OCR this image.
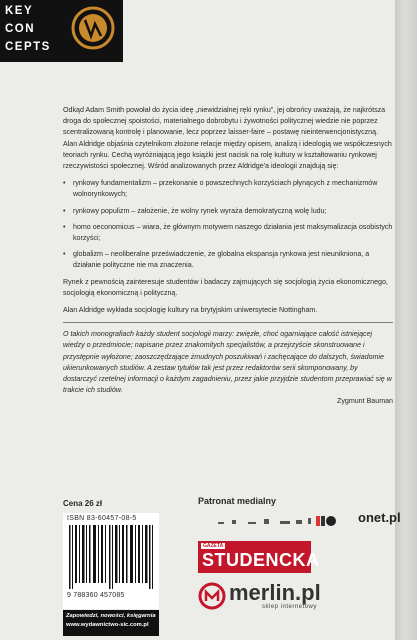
KEY
CON
CEPTS

Odkąd Adam Smith powołał do życia ideę „niewidzialnej ręki rynku”, jej obrońcy uważają, że najkrótsza droga do społecznej spoistości, materialnego dobrobytu i żywotności politycznej wiedzie nie poprzez scentralizowaną kontrolę i planowanie, lecz poprzez laisser-faire – postawę nieinterwencjonistyczną. Alan Aldridge objaśnia czytelnikom złożone relacje między opisem, analizą i ideologią we współczesnych teoriach rynku. Cechą wyróżniającą jego książki jest nacisk na rolę kultury w kształtowaniu rynkowej rzeczywistości społecznej. Wśród analizowanych przez Aldridge'a ideologii znajdują się:

• rynkowy fundamentalizm – przekonanie o powszechnych korzyściach płynących z mechanizmów wolnorynkowych;
• rynkowy populizm – założenie, że wolny rynek wyraża demokratyczną wolę ludu;
• homo oeconomicus – wiara, że głównym motywem naszego działania jest maksymalizacja osobistych korzyści;
• globalizm – neoliberalne przeświadczenie, że globalna ekspansja rynkowa jest nieunikniona, a działanie polityczne nie ma znaczenia.

Rynek z pewnością zainteresuje studentów i badaczy zajmujących się socjologią życia ekonomicznego, socjologią ekonomiczną i polityczną.

Alan Aldridge wykłada socjologię kultury na brytyjskim uniwersytecie Nottingham.

O takich monografiach każdy student socjologii marzy: zwięzłe, choć ogarniające całość istniejącej wiedzy o przedmiocie; napisane przez znakomitych specjalistów, a przejrzyście skonstruowane i przystępnie wyłożone; zaoszczędzające żmudnych poszukiwań i zachęcające do dalszych, świadomie ukierunkowanych studiów. A zestaw tytułów tak jest przez redaktorów serii skomponowany, by dostarczyć rzetelnej informacji o każdym zagadnieniu, przez jakie przyjdzie studentom przeprawiać się w trakcie ich studiów.

Zygmunt Bauman

Cena 26 zł	Patronat medialny
ISBN 83-60457-08-5
9 788360 457085
Zapowiedzi, nowości, księgarnia
www.wydawnictwo-sic.com.pl
onet.pl
GAZETA
STUDENCKA
merlin.pl
sklep internetowy
